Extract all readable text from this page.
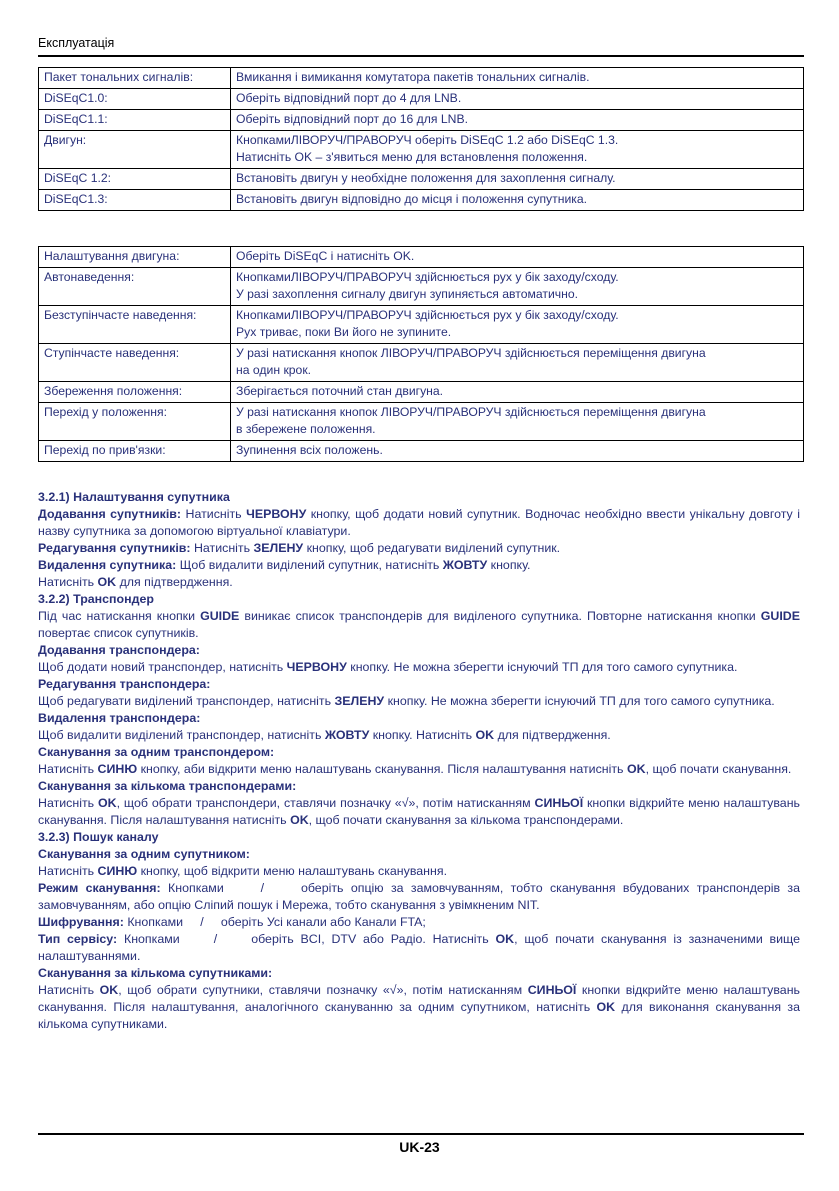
Експлуатація
Пакет тональних сигналів:	Вмикання і вимикання комутатора пакетів тональних сигналів.

DiSEqC1.0:	Оберіть відповідний порт до 4 для LNB.

DiSEqC1.1:	Оберіть відповідний порт до 16 для LNB.

Двигун:	КнопкамиЛІВОРУЧ/ПРАВОРУЧ оберіть DiSEqC 1.2 або DiSEqC 1.3.
Натисніть OK – з'явиться меню для встановлення положення.

DiSEqC 1.2:	Встановіть двигун у необхідне положення для захоплення сигналу.

DiSEqC1.3:	Встановіть двигун відповідно до місця і положення супутника.
Налаштування двигуна:	Оберіть DiSEqC і натисніть OK.

Автонаведення:	КнопкамиЛІВОРУЧ/ПРАВОРУЧ здійснюється рух у бік заходу/сходу.
У разі захоплення сигналу двигун зупиняється автоматично.

Безступінчасте наведення:	КнопкамиЛІВОРУЧ/ПРАВОРУЧ здійснюється рух у бік заходу/сходу.
Рух триває, поки Ви його не зупините.

Ступінчасте наведення:	У разі натискання кнопок ЛІВОРУЧ/ПРАВОРУЧ здійснюється переміщення двигуна
на один крок.

Збереження положення:	Зберігається поточний стан двигуна.

Перехід у положення:	У разі натискання кнопок ЛІВОРУЧ/ПРАВОРУЧ здійснюється переміщення двигуна
в збережене положення.

Перехід по прив'язки:	Зупинення всіх положень.

3.2.1) Налаштування супутника

Додавання супутників: Натисніть ЧЕРВОНУ кнопку, щоб додати новий супутник. Водночас необхідно ввести унікальну довготу і назву супутника за допомогою віртуальної клавіатури.

Редагування супутників: Натисніть ЗЕЛЕНУ кнопку, щоб редагувати виділений супутник.

Видалення супутника: Щоб видалити виділений супутник, натисніть ЖОВТУ кнопку.

Натисніть OK для підтвердження.

3.2.2) Транспондер

Під час натискання кнопки GUIDE виникає список транспондерів для виділеного супутника. Повторне натискання кнопки GUIDE повертає список супутників.

Додавання транспондера:

Щоб додати новий транспондер, натисніть ЧЕРВОНУ кнопку. Не можна зберегти існуючий ТП для того самого супутника.

Редагування транспондера:

Щоб редагувати виділений транспондер, натисніть ЗЕЛЕНУ кнопку. Не можна зберегти існуючий ТП для того самого супутника.

Видалення транспондера:

Щоб видалити виділений транспондер, натисніть ЖОВТУ кнопку. Натисніть OK для підтвердження.

Сканування за одним транспондером:

Натисніть СИНЮ кнопку, аби відкрити меню налаштувань сканування. Після налаштування натисніть OK, щоб почати сканування.

Сканування за кількома транспондерами:

Натисніть OK, щоб обрати транспондери, ставлячи позначку «√», потім натисканням СИНЬОЇ кнопки відкрийте меню налаштувань сканування. Після налаштування натисніть OK, щоб почати сканування за кількома транспондерами.

3.2.3) Пошук каналу

Сканування за одним супутником:

Натисніть СИНЮ кнопку, щоб відкрити меню налаштувань сканування.

Режим сканування: Кнопками     /     оберіть опцію за замовчуванням, тобто сканування вбудованих транспондерів за замовчуванням, або опцію Сліпий пошук і Мережа, тобто сканування з увімкненим NIT.

Шифрування: Кнопками     /     оберіть Усі канали або Канали FTA;

Тип сервісу: Кнопками     /     оберіть BCI, DTV або Радіо. Натисніть OK, щоб почати сканування із зазначеними вище налаштуваннями.

Сканування за кількома супутниками:

Натисніть OK, щоб обрати супутники, ставлячи позначку «√», потім натисканням СИНЬОЇ кнопки відкрийте меню налаштувань сканування. Після налаштування, аналогічного скануванню за одним супутником, натисніть OK для виконання сканування за кількома супутниками.

UK-23
